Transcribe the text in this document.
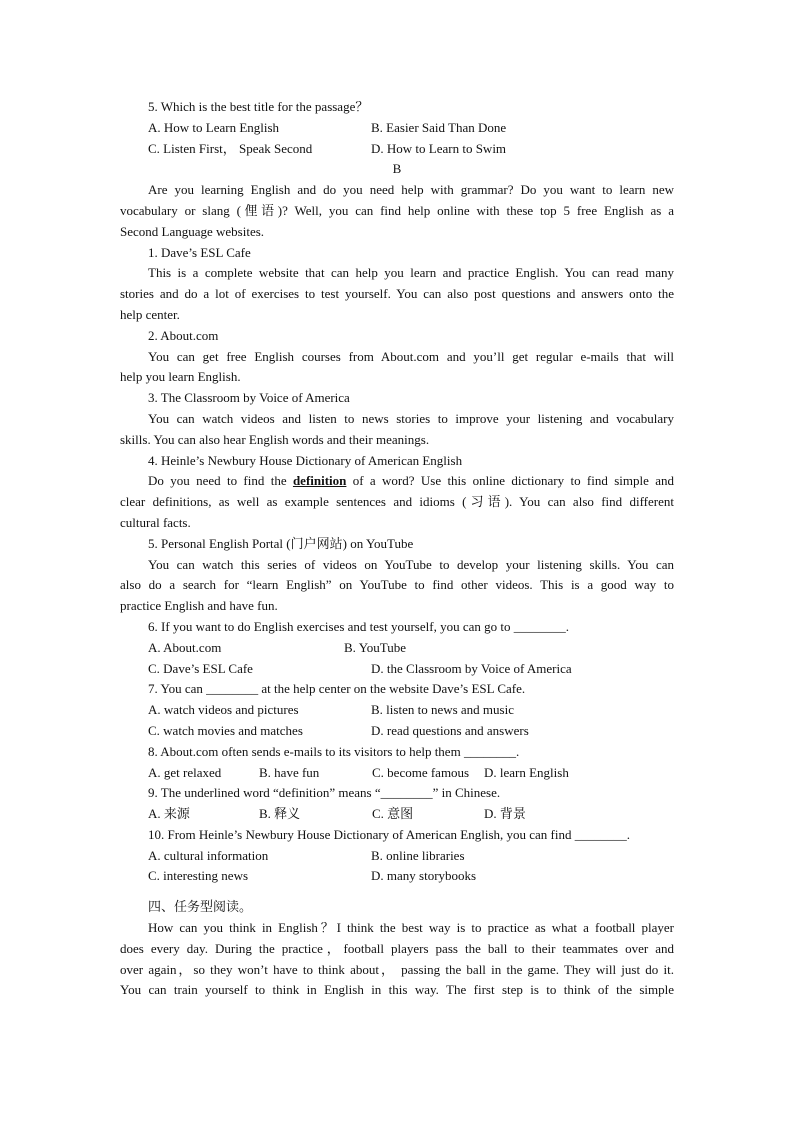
5. Which is the best title for the passage？
A. How to Learn English	B. Easier Said Than Done
C. Listen First， Speak Second	D. How to Learn to Swim
B
Are you learning English and do you need help with grammar? Do you want to learn new
vocabulary or slang (俚语)? Well, you can find help online with these top 5 free English as a
Second Language websites.
1. Dave’s ESL Cafe
This is a complete website that can help you learn and practice English. You can read many
stories and do a lot of exercises to test yourself. You can also post questions and answers onto the
help center.
2. About.com
You can get free English courses from About.com and you’ll get regular e-mails that will
help you learn English.
3. The Classroom by Voice of America
You can watch videos and listen to news stories to improve your listening and vocabulary
skills. You can also hear English words and their meanings.
4. Heinle’s Newbury House Dictionary of American English
Do you need to find the definition of a word? Use this online dictionary to find simple and
clear definitions, as well as example sentences and idioms (习语). You can also find different
cultural facts.
5. Personal English Portal (门户网站) on YouTube
You can watch this series of videos on YouTube to develop your listening skills. You can
also do a search for “learn English” on YouTube to find other videos. This is a good way to
practice English and have fun.
6. If you want to do English exercises and test yourself, you can go to ________.
A. About.com	B. YouTube
C. Dave’s ESL Cafe	D. the Classroom by Voice of America
7. You can ________ at the help center on the website Dave’s ESL Cafe.
A. watch videos and pictures	B. listen to news and music
C. watch movies and matches	D. read questions and answers
8. About.com often sends e-mails to its visitors to help them ________.
A. get relaxed	B. have fun	C. become famous	D. learn English
9. The underlined word “definition” means “________” in Chinese.
A. 来源	B. 释义	C. 意图	D. 背景
10. From Heinle’s Newbury House Dictionary of American English, you can find ________.
A. cultural information	B. online libraries
C. interesting news	D. many storybooks
四、任务型阅读。
How can you think in English？I think the best way is to practice as what a football player
does every day. During the practice，football players pass the ball to their teammates over and
over again，so they won’t have to think about， passing the ball in the game. They will just do it.
You can train yourself to think in English in this way. The first step is to think of the simple
